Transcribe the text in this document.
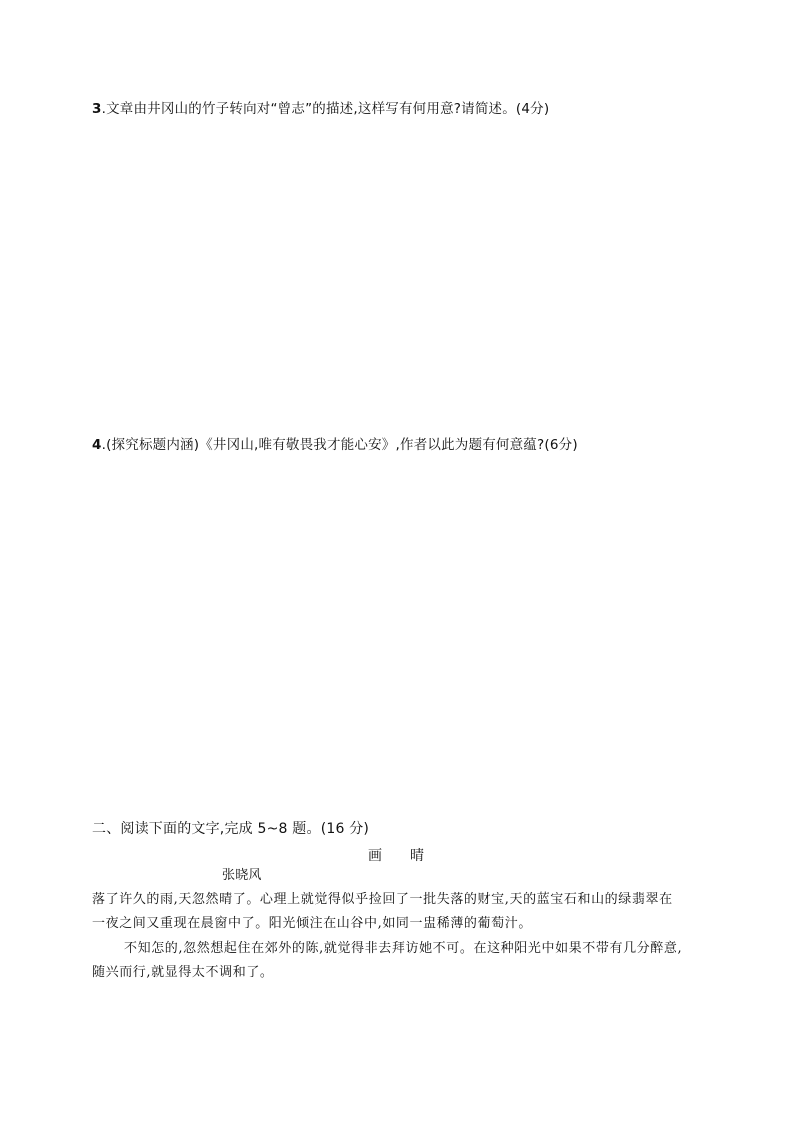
3.文章由井冈山的竹子转向对“曾志”的描述,这样写有何用意?请简述。(4分)
4.(探究标题内涵)《井冈山,唯有敬畏我才能心安》,作者以此为题有何意蕴?(6分)
二、阅读下面的文字,完成 5~8 题。(16 分)
画 晴
张晓风
落了许久的雨,天忽然晴了。心理上就觉得似乎捡回了一批失落的财宝,天的蓝宝石和山的绿翡翠在
一夜之间又重现在晨窗中了。阳光倾注在山谷中,如同一盅稀薄的葡萄汁。
不知怎的,忽然想起住在郊外的陈,就觉得非去拜访她不可。在这种阳光中如果不带有几分醉意,
随兴而行,就显得太不调和了。
